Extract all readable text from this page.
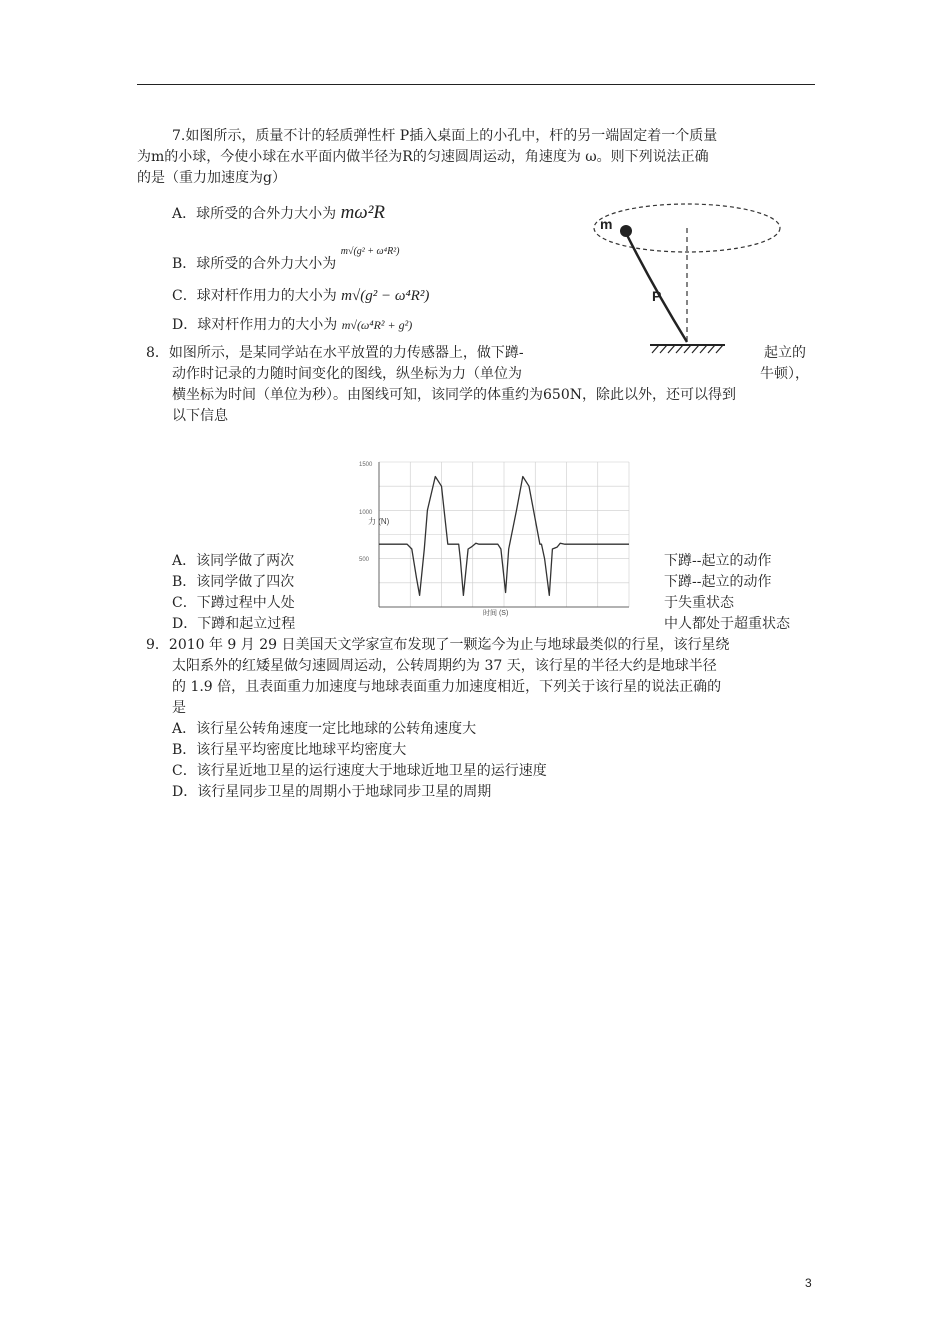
7.如图所示，质量不计的轻质弹性杆 P插入桌面上的小孔中，杆的另一端固定着一个质量
为m的小球，今使小球在水平面内做半径为R的匀速圆周运动，角速度为 ω。则下列说法正确
的是（重力加速度为g）
A．球所受的合外力大小为 mω²R
B．球所受的合外力大小为 $^{m√(g^2 + \omega^4R^2)}$
C．球对杆作用力的大小为 m√(g² − ω⁴R²)
D．球对杆作用力的大小为 m√(ω⁴R² + g²)
m
P
8．如图所示，是某同学站在水平放置的力传感器上，做下蹲-	起立的
动作时记录的力随时间变化的图线，纵坐标为力（单位为	牛顿），
横坐标为时间（单位为秒）。由图线可知，该同学的体重约为650N，除此以外，还可以得到
以下信息
力 (N)
时间 (S)
1500
1000
500
A．该同学做了两次	下蹲--起立的动作
B．该同学做了四次	下蹲--起立的动作
C．下蹲过程中人处	于失重状态
D．下蹲和起立过程	中人都处于超重状态
9．2010 年 9 月 29 日美国天文学家宣布发现了一颗迄今为止与地球最类似的行星，该行星绕
太阳系外的红矮星做匀速圆周运动，公转周期约为 37 天，该行星的半径大约是地球半径
的 1.9 倍，且表面重力加速度与地球表面重力加速度相近，下列关于该行星的说法正确的
是
A．该行星公转角速度一定比地球的公转角速度大
B．该行星平均密度比地球平均密度大
C．该行星近地卫星的运行速度大于地球近地卫星的运行速度
D．该行星同步卫星的周期小于地球同步卫星的周期
3
